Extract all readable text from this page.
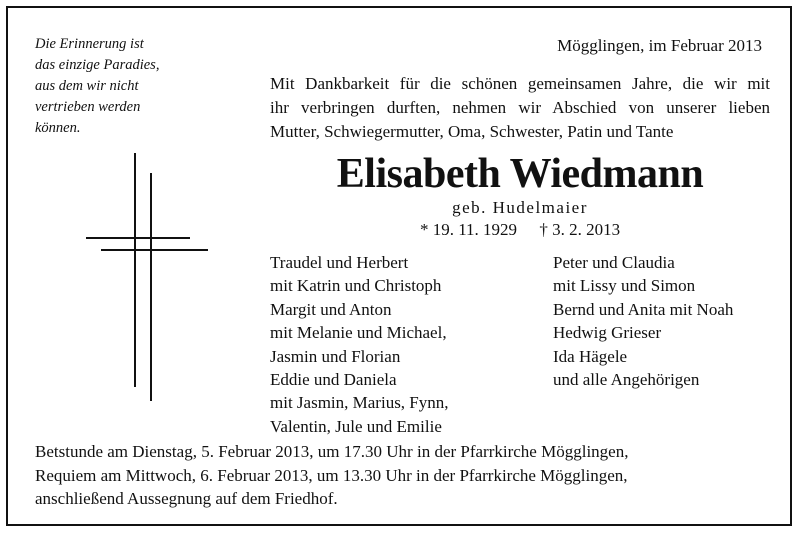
Die Erinnerung ist
das einzige Paradies,
aus dem wir nicht
vertrieben werden
können.
Mögglingen, im Februar 2013
Mit Dankbarkeit für die schönen gemeinsamen Jahre, die wir mit
ihr verbringen durften, nehmen wir Abschied von unserer lieben
Mutter, Schwiegermutter, Oma, Schwester, Patin und Tante
Elisabeth Wiedmann
geb. Hudelmaier
* 19. 11. 1929 † 3. 2. 2013
Traudel und Herbert
mit Katrin und Christoph
Margit und Anton
mit Melanie und Michael,
Jasmin und Florian
Eddie und Daniela
mit Jasmin, Marius, Fynn,
Valentin, Jule und Emilie
Peter und Claudia
mit Lissy und Simon
Bernd und Anita mit Noah
Hedwig Grieser
Ida Hägele
und alle Angehörigen
Betstunde am Dienstag, 5. Februar 2013, um 17.30 Uhr in der Pfarrkirche Mögglingen,
Requiem am Mittwoch, 6. Februar 2013, um 13.30 Uhr in der Pfarrkirche Mögglingen,
anschließend Aussegnung auf dem Friedhof.
